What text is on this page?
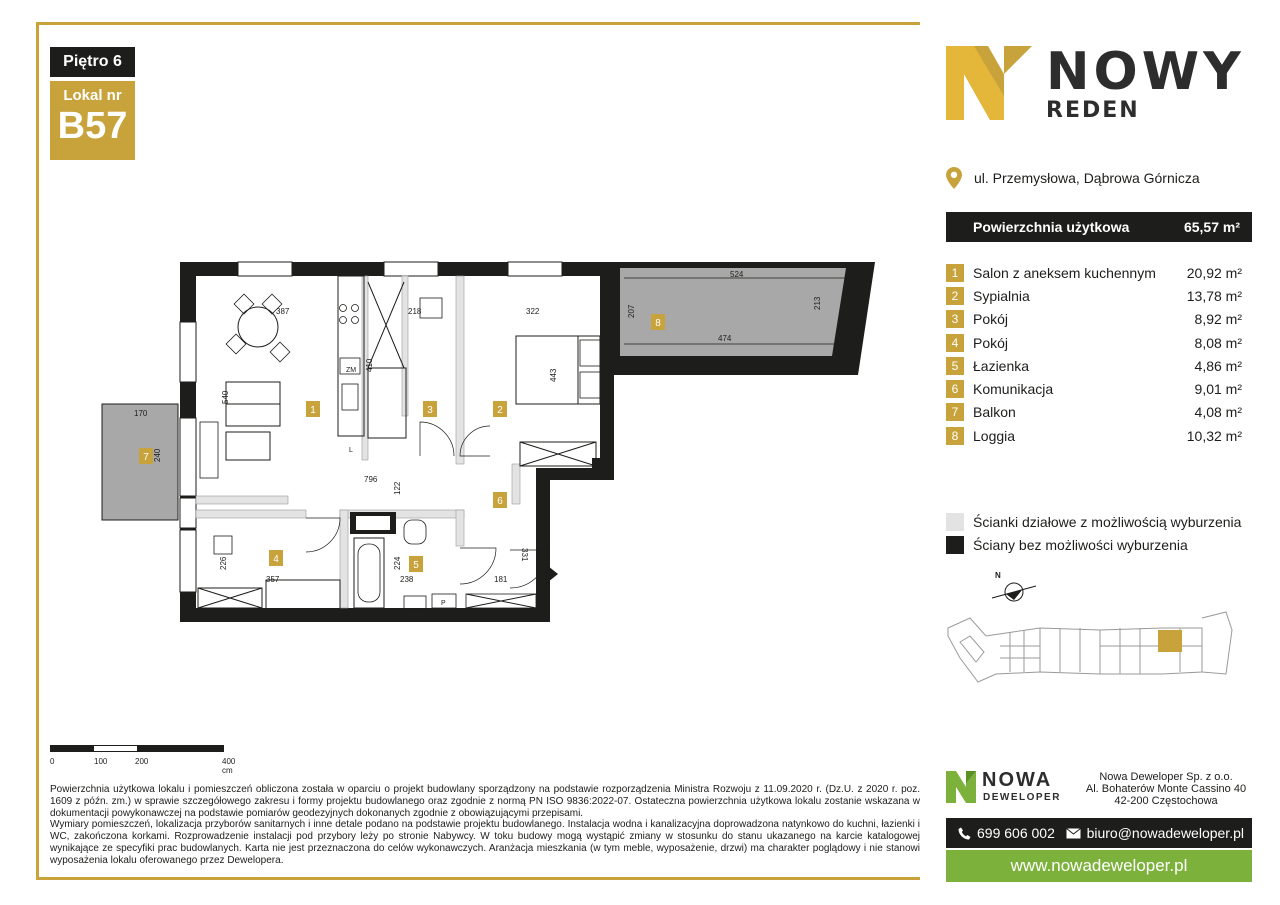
Piętro 6
Lokal nr
B57
ZM
L
P
387	218	322
524
474
207
213
540
410
443
170
240
796
122
226
357
224
238	181
331
1	2
3
4
5
6
7
8
0	100	200	400 cm

Powierzchnia użytkowa lokalu i pomieszczeń obliczona została w oparciu o projekt budowlany sporządzony na podstawie rozporządzenia Ministra Rozwoju z 11.09.2020 r. (Dz.U. z 2020 r. poz. 1609 z późn. zm.) w sprawie szczegółowego zakresu i formy projektu budowlanego oraz zgodnie z normą PN ISO 9836:2022-07. Ostateczna powierzchnia użytkowa lokalu zostanie wskazana w dokumentacji powykonawczej na podstawie pomiarów geodezyjnych dokonanych zgodnie z obowiązującymi przepisami.

Wymiary pomieszczeń, lokalizacja przyborów sanitarnych i inne detale podano na podstawie projektu budowlanego. Instalacja wodna i kanalizacyjna doprowadzona natynkowo do kuchni, łazienki i WC, zakończona korkami. Rozprowadzenie instalacji pod przybory leży po stronie Nabywcy. W toku budowy mogą wystąpić zmiany w stosunku do stanu ukazanego na karcie katalogowej wynikające ze specyfiki prac budowlanych. Karta nie jest przeznaczona do celów wykonawczych. Aranżacja mieszkania (w tym meble, wyposażenie, drzwi) ma charakter poglądowy i nie stanowi wyposażenia lokalu oferowanego przez Dewelopera.

NOWY
REDEN
ul. Przemysłowa, Dąbrowa Górnicza
Powierzchnia użytkowa	65,57 m²
1	Salon z aneksem kuchennym	20,92 m²
2	Sypialnia	13,78 m²
3	Pokój	8,92 m²
4	Pokój	8,08 m²
5	Łazienka	4,86 m²
6	Komunikacja	9,01 m²
7	Balkon	4,08 m²
8	Loggia	10,32 m²
Ścianki działowe z możliwością wyburzenia
Ściany bez możliwości wyburzenia
N
NOWA
DEWELOPER
Nowa Deweloper Sp. z o.o.
Al. Bohaterów Monte Cassino 40
42-200 Częstochowa
699 606 002 biuro@nowadeweloper.pl
www.nowadeweloper.pl
